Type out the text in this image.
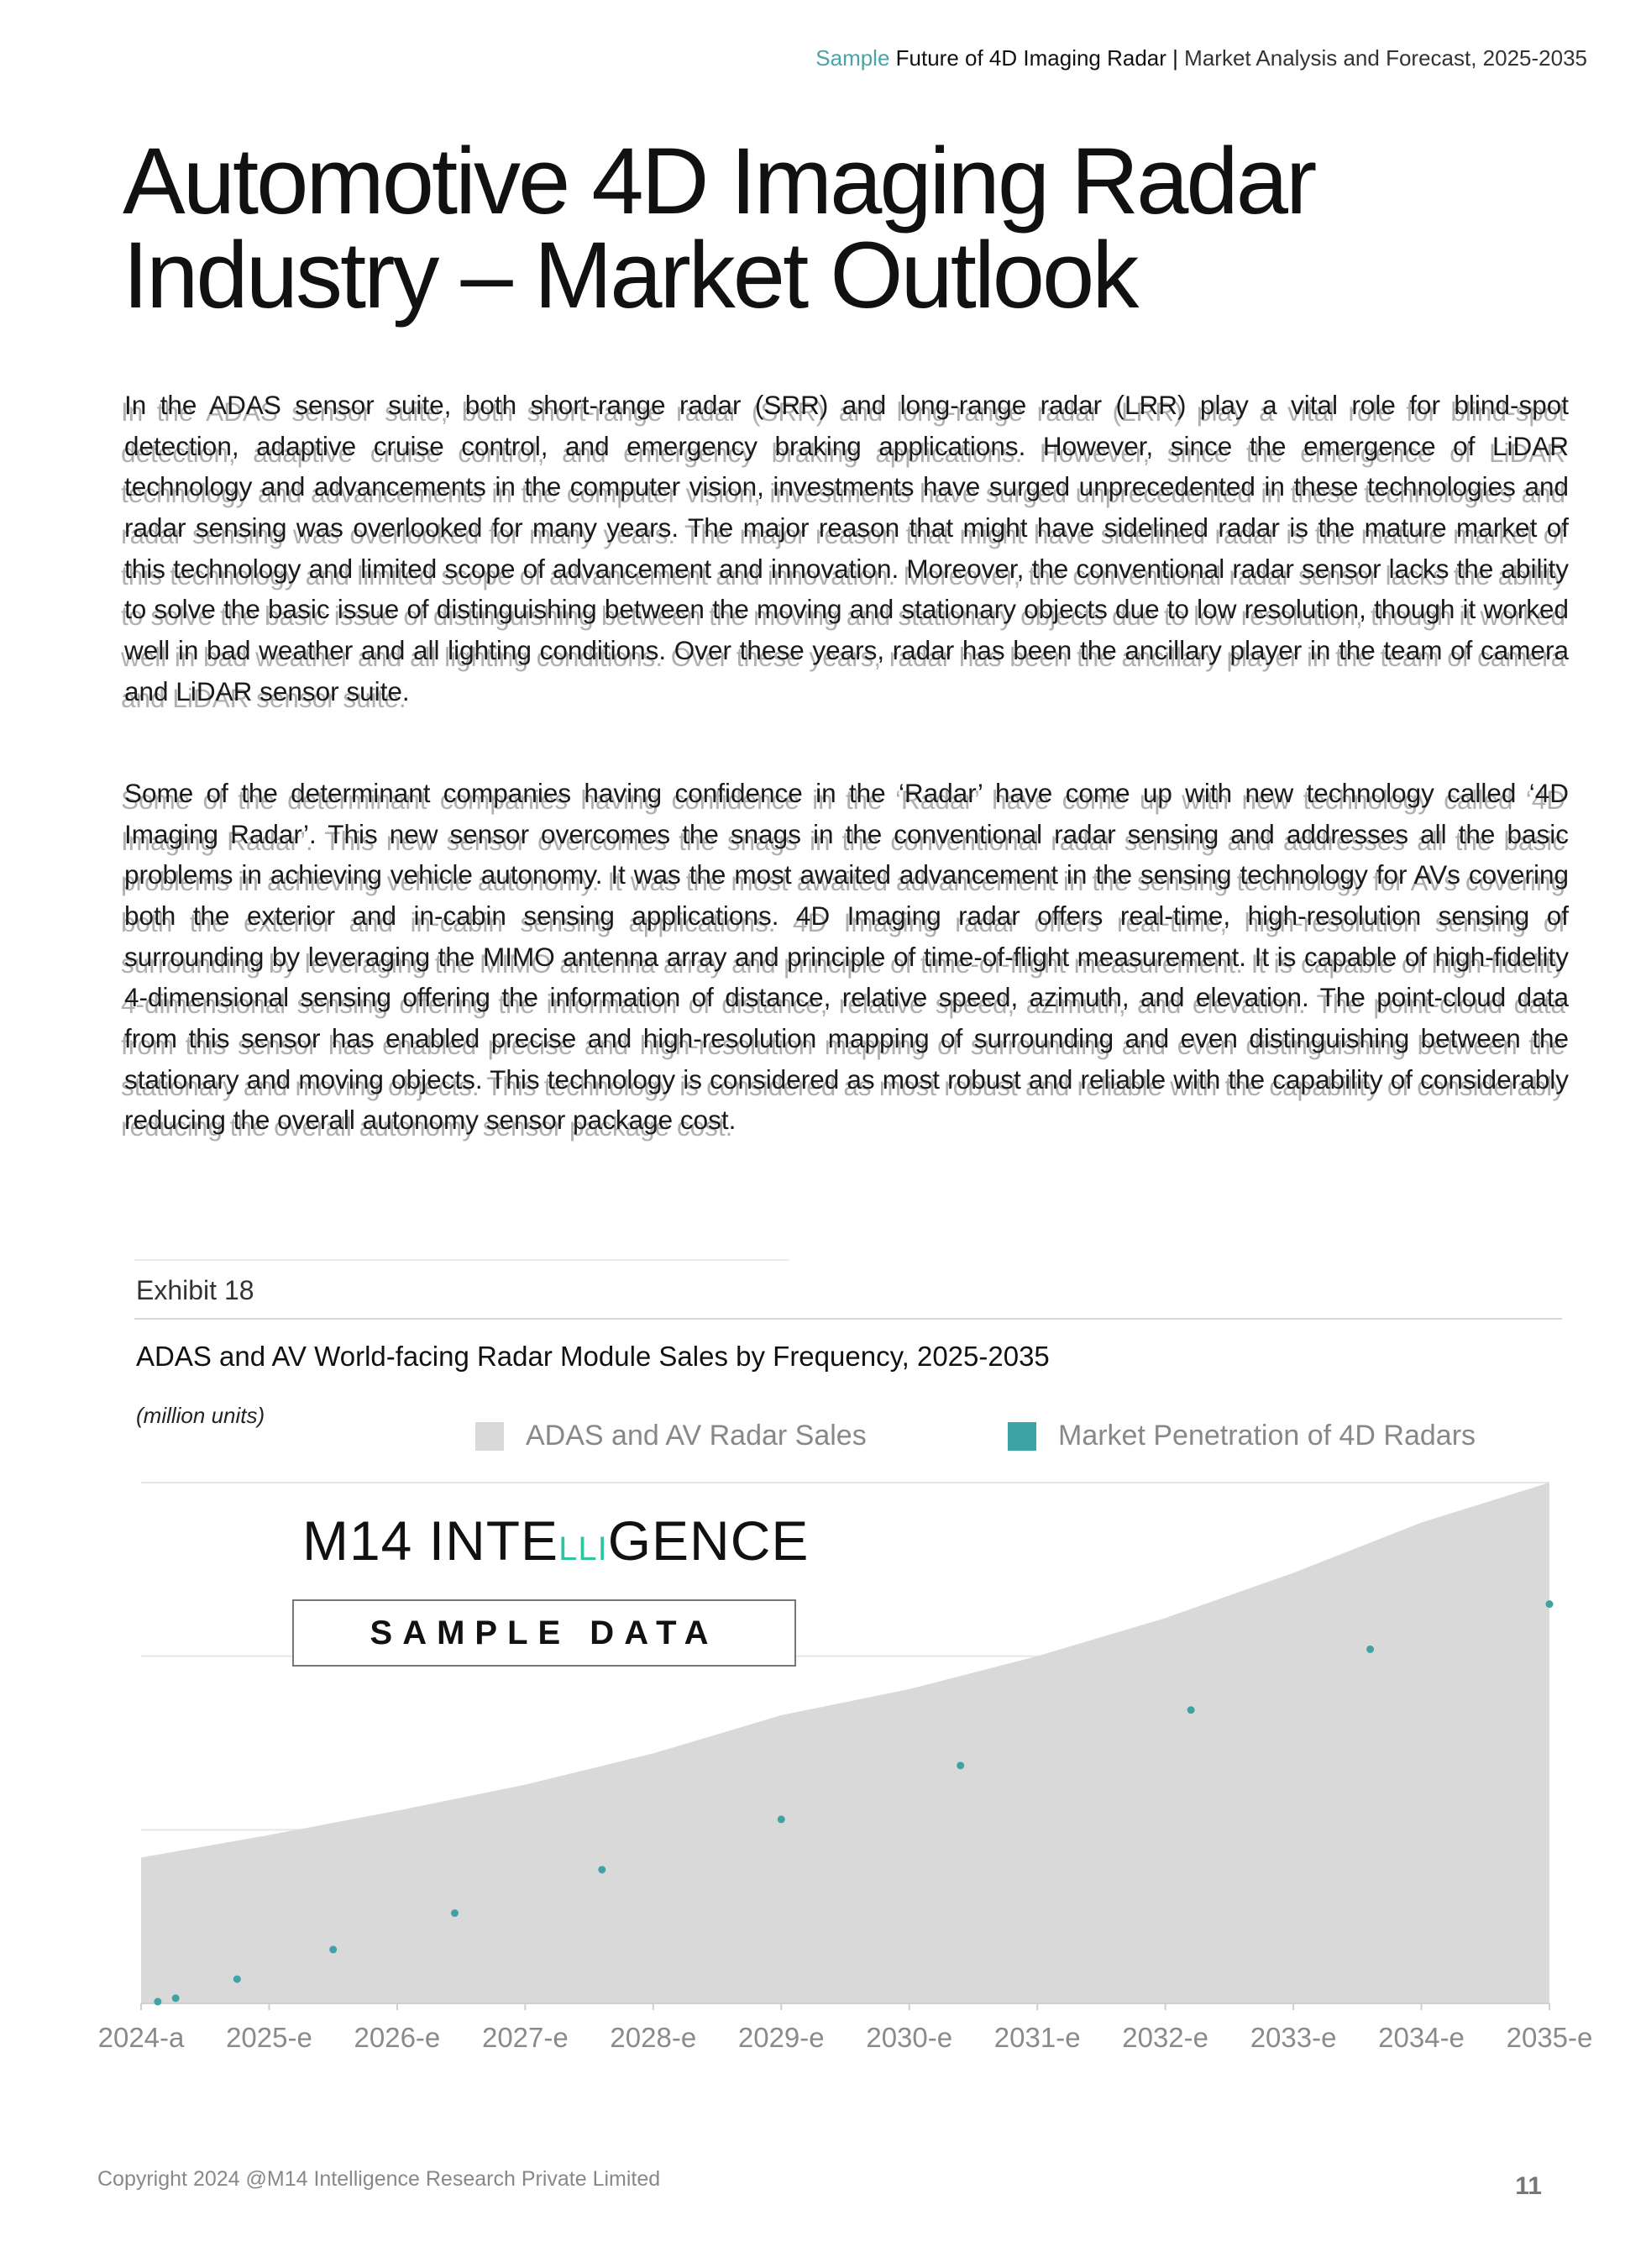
Sample Future of 4D Imaging Radar | Market Analysis and Forecast, 2025-2035
Automotive 4D Imaging Radar
Industry – Market Outlook

In the ADAS sensor suite, both short-range radar (SRR) and long-range radar (LRR) play a vital role for blind-spot detection, adaptive cruise control, and emergency braking applications. However, since the emergence of LiDAR technology and advancements in the computer vision, investments have surged unprecedented in these technologies and radar sensing was overlooked for many years. The major reason that might have sidelined radar is the mature market of this technology and limited scope of advancement and innovation. Moreover, the conventional radar sensor lacks the ability to solve the basic issue of distinguishing between the moving and stationary objects due to low resolution, though it worked well in bad weather and all lighting conditions. Over these years, radar has been the ancillary player in the team of camera and LiDAR sensor suite.

Some of the determinant companies having confidence in the ‘Radar’ have come up with new technology called ‘4D Imaging Radar’. This new sensor overcomes the snags in the conventional radar sensing and addresses all the basic problems in achieving vehicle autonomy. It was the most awaited advancement in the sensing technology for AVs covering both the exterior and in-cabin sensing applications. 4D Imaging radar offers real-time, high-resolution sensing of surrounding by leveraging the MIMO antenna array and principle of time-of-flight measurement. It is capable of high-fidelity 4-dimensional sensing offering the information of distance, relative speed, azimuth, and elevation. The point-cloud data from this sensor has enabled precise and high-resolution mapping of surrounding and even distinguishing between the stationary and moving objects. This technology is considered as most robust and reliable with the capability of considerably reducing the overall autonomy sensor package cost.

Exhibit 18
ADAS and AV World-facing Radar Module Sales by Frequency, 2025-2035
(million units)
ADAS and AV Radar Sales	Market Penetration of 4D Radars
2024-a 2025-e 2026-e 2027-e 2028-e 2029-e 2030-e 2031-e 2032-e 2033-e 2034-e 2035-e
M14 INTELLIGENCE
SAMPLE DATA
Copyright 2024 @M14 Intelligence Research Private Limited	11
